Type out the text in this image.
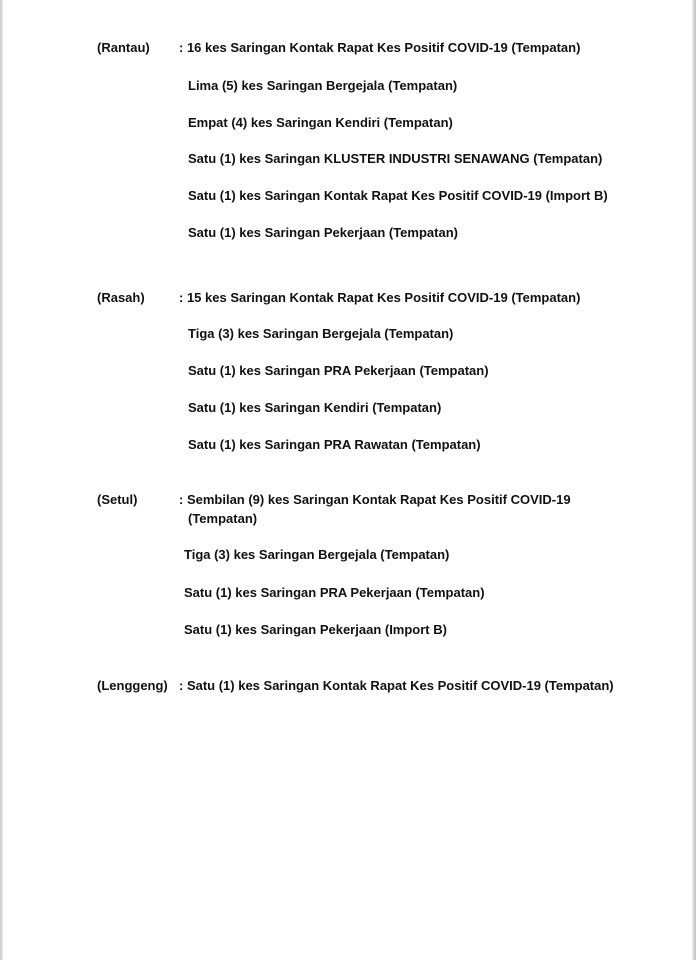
(Rantau) : 16 kes Saringan Kontak Rapat Kes Positif COVID-19 (Tempatan)
Lima (5) kes Saringan Bergejala (Tempatan)
Empat (4) kes Saringan Kendiri (Tempatan)
Satu (1) kes Saringan KLUSTER INDUSTRI SENAWANG (Tempatan)
Satu (1) kes Saringan Kontak Rapat Kes Positif COVID-19 (Import B)
Satu (1) kes Saringan Pekerjaan (Tempatan)
(Rasah)	: 15 kes Saringan Kontak Rapat Kes Positif COVID-19 (Tempatan)
Tiga (3) kes Saringan Bergejala (Tempatan)
Satu (1) kes Saringan PRA Pekerjaan (Tempatan)
Satu (1) kes Saringan Kendiri (Tempatan)
Satu (1) kes Saringan PRA Rawatan (Tempatan)
(Setul)	: Sembilan (9) kes Saringan Kontak Rapat Kes Positif COVID-19
(Tempatan)
Tiga (3) kes Saringan Bergejala (Tempatan)
Satu (1) kes Saringan PRA Pekerjaan (Tempatan)
Satu (1) kes Saringan Pekerjaan (Import B)
(Lenggeng) : Satu (1) kes Saringan Kontak Rapat Kes Positif COVID-19 (Tempatan)
